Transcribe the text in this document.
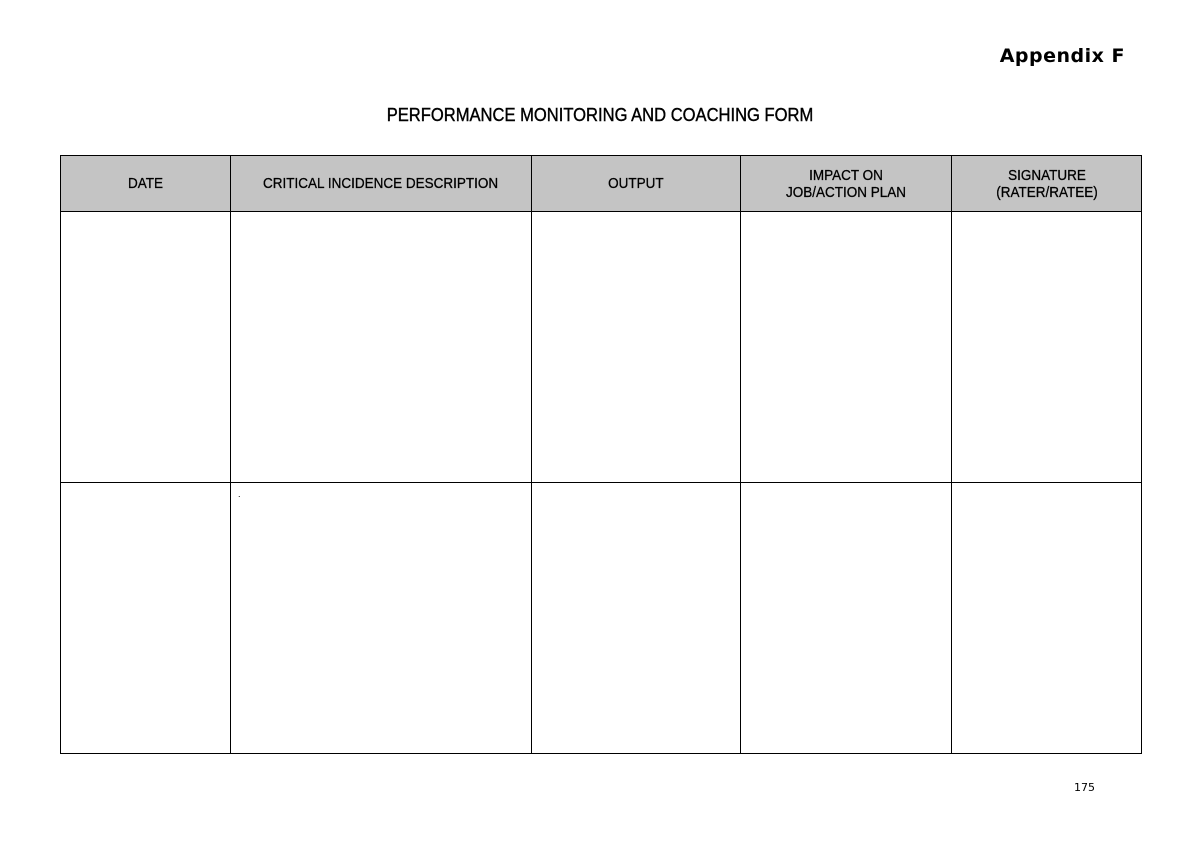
Appendix F
PERFORMANCE MONITORING AND COACHING FORM
DATE	CRITICAL INCIDENCE DESCRIPTION	OUTPUT	IMPACT ON JOB/ACTION PLAN	SIGNATURE (RATER/RATEE)

	.			

175
